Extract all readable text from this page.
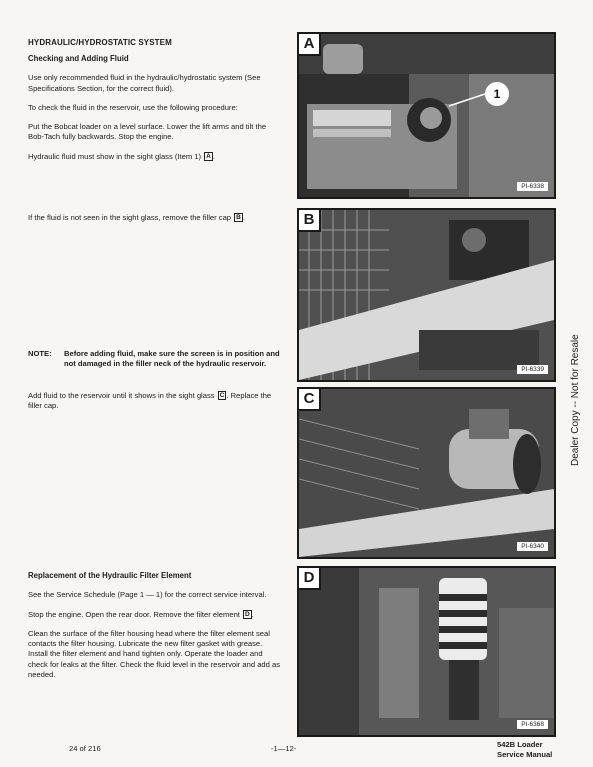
HYDRAULIC/HYDROSTATIC SYSTEM

Checking and Adding Fluid

Use only recommended fluid in the hydraulic/hydrostatic system (See Specifications Section, for the correct fluid).

To check the fluid in the reservoir, use the following procedure:

Put the Bobcat loader on a level surface. Lower the lift arms and tilt the Bob-Tach fully backwards. Stop the engine.

Hydraulic fluid must show in the sight glass (Item 1) A .

If the fluid is not seen in the sight glass, remove the filler cap B .

NOTE: Before adding fluid, make sure the screen is in position and not damaged in the filler neck of the hydraulic reservoir.

Add fluid to the reservoir until it shows in the sight glass C . Replace the filler cap.

Replacement of the Hydraulic Filter Element

See the Service Schedule (Page 1 — 1) for the correct service interval.

Stop the engine. Open the rear door. Remove the filter element D .

Clean the surface of the filter housing head where the filter element seal contacts the filter housing. Lubricate the new filter gasket with grease. Install the filter element and hand tighten only. Operate the loader and check for leaks at the filter. Check the fluid level in the reservoir and add as needed.

A
1
PI-6338
B
PI-6339
C
PI-6340
D
PI-6368
Dealer Copy -- Not for Resale
24 of 216	-1—12-	542B Loader
Service Manual
